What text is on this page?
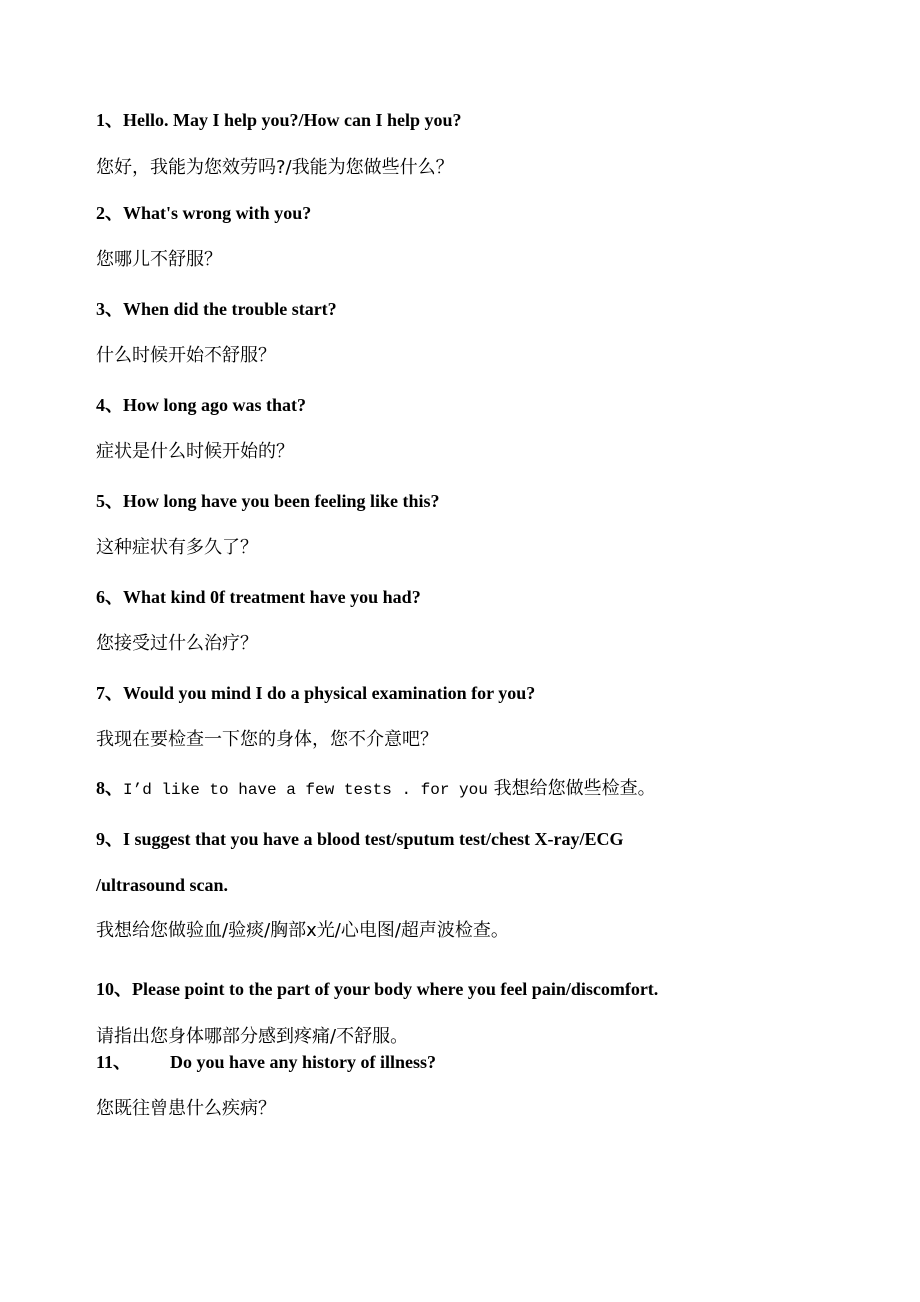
1、Hello. May I help you?/How can I help you?
您好，我能为您效劳吗?/我能为您做些什么？
2、What's wrong with you?
您哪儿不舒服？
3、When did the trouble start?
什么时候开始不舒服？
4、How long ago was that?
症状是什么时候开始的？
5、How long have you been feeling like this?
这种症状有多久了？
6、What kind 0f treatment have you had?
您接受过什么治疗？
7、Would you mind I do a physical examination for you?
我现在要检查一下您的身体，您不介意吧？
8、I’d like to have a few tests . for you 我想给您做些检查。
9、I suggest that you have a blood test/sputum test/chest X-ray/ECG
/ultrasound scan.
我想给您做验血/验痰/胸部x光/心电图/超声波检查。
10、Please point to the part of your body where you feel pain/discomfort.
请指出您身体哪部分感到疼痛/不舒服。
11、 Do you have any history of illness?
您既往曾患什么疾病？
